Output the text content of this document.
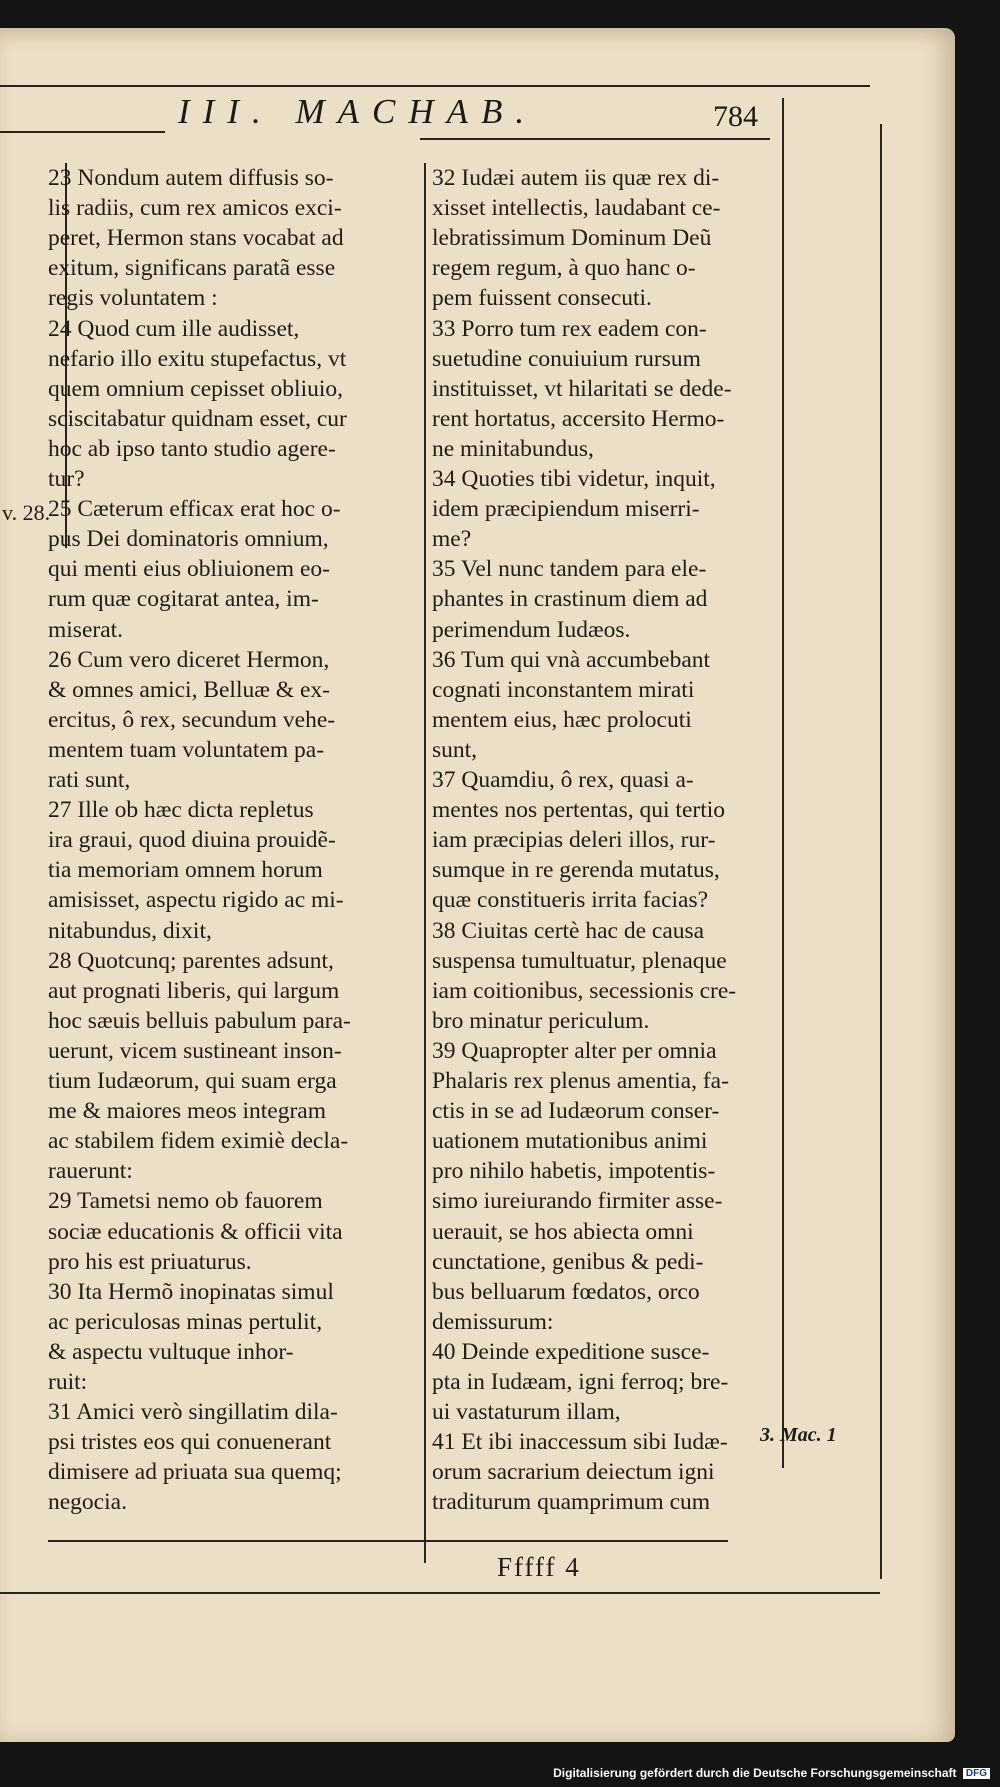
III. MACHAB.	784
23 Nondum autem diffusis so-
lis radiis, cum rex amicos exci-
peret, Hermon stans vocabat ad
exitum, significans paratã esse
regis voluntatem :
24 Quod cum ille audisset,
nefario illo exitu stupefactus, vt
quem omnium cepisset obliuio,
sciscitabatur quidnam esset, cur
hoc ab ipso tanto studio agere-
tur?
25 Cæterum efficax erat hoc o-
pus Dei dominatoris omnium,
qui menti eius obliuionem eo-
rum quæ cogitarat antea, im-
miserat.
26 Cum vero diceret Hermon,
& omnes amici, Belluæ & ex-
ercitus, ô rex, secundum vehe-
mentem tuam voluntatem pa-
rati sunt,
27 Ille ob hæc dicta repletus
ira graui, quod diuina prouidẽ-
tia memoriam omnem horum
amisisset, aspectu rigido ac mi-
nitabundus, dixit,
28 Quotcunq; parentes adsunt,
aut prognati liberis, qui largum
hoc sæuis belluis pabulum para-
uerunt, vicem sustineant inson-
tium Iudæorum, qui suam erga
me & maiores meos integram
ac stabilem fidem eximiè decla-
rauerunt:
29 Tametsi nemo ob fauorem
sociæ educationis & officii vita
pro his est priuaturus.
30 Ita Hermõ inopinatas simul
ac periculosas minas pertulit,
& aspectu vultuque inhor-
ruit:
31 Amici verò singillatim dila-
psi tristes eos qui conuenerant
dimisere ad priuata sua quemq;
negocia.
32 Iudæi autem iis quæ rex di-
xisset intellectis, laudabant ce-
lebratissimum Dominum Deũ
regem regum, à quo hanc o-
pem fuissent consecuti.
33 Porro tum rex eadem con-
suetudine conuiuium rursum
instituisset, vt hilaritati se dede-
rent hortatus, accersito Hermo-
ne minitabundus,
34 Quoties tibi videtur, inquit,
idem præcipiendum miserri-
me?
35 Vel nunc tandem para ele-
phantes in crastinum diem ad
perimendum Iudæos.
36 Tum qui vnà accumbebant
cognati inconstantem mirati
mentem eius, hæc prolocuti
sunt,
37 Quamdiu, ô rex, quasi a-
mentes nos pertentas, qui tertio
iam præcipias deleri illos, rur-
sumque in re gerenda mutatus,
quæ constitueris irrita facias?
38 Ciuitas certè hac de causa
suspensa tumultuatur, plenaque
iam coitionibus, secessionis cre-
bro minatur periculum.
39 Quapropter alter per omnia
Phalaris rex plenus amentia, fa-
ctis in se ad Iudæorum conser-
uationem mutationibus animi
pro nihilo habetis, impotentis-
simo iureiurando firmiter asse-
uerauit, se hos abiecta omni
cunctatione, genibus & pedi-
bus belluarum fœdatos, orco
demissurum:
40 Deinde expeditione susce-
pta in Iudæam, igni ferroq; bre-
ui vastaturum illam,
41 Et ibi inaccessum sibi Iudæ-
orum sacrarium deiectum igni
traditurum quamprimum cum
v. 28.
3. Mac. 1
Fffff 4
Digitalisierung gefördert durch die Deutsche Forschungsgemeinschaft DFG
